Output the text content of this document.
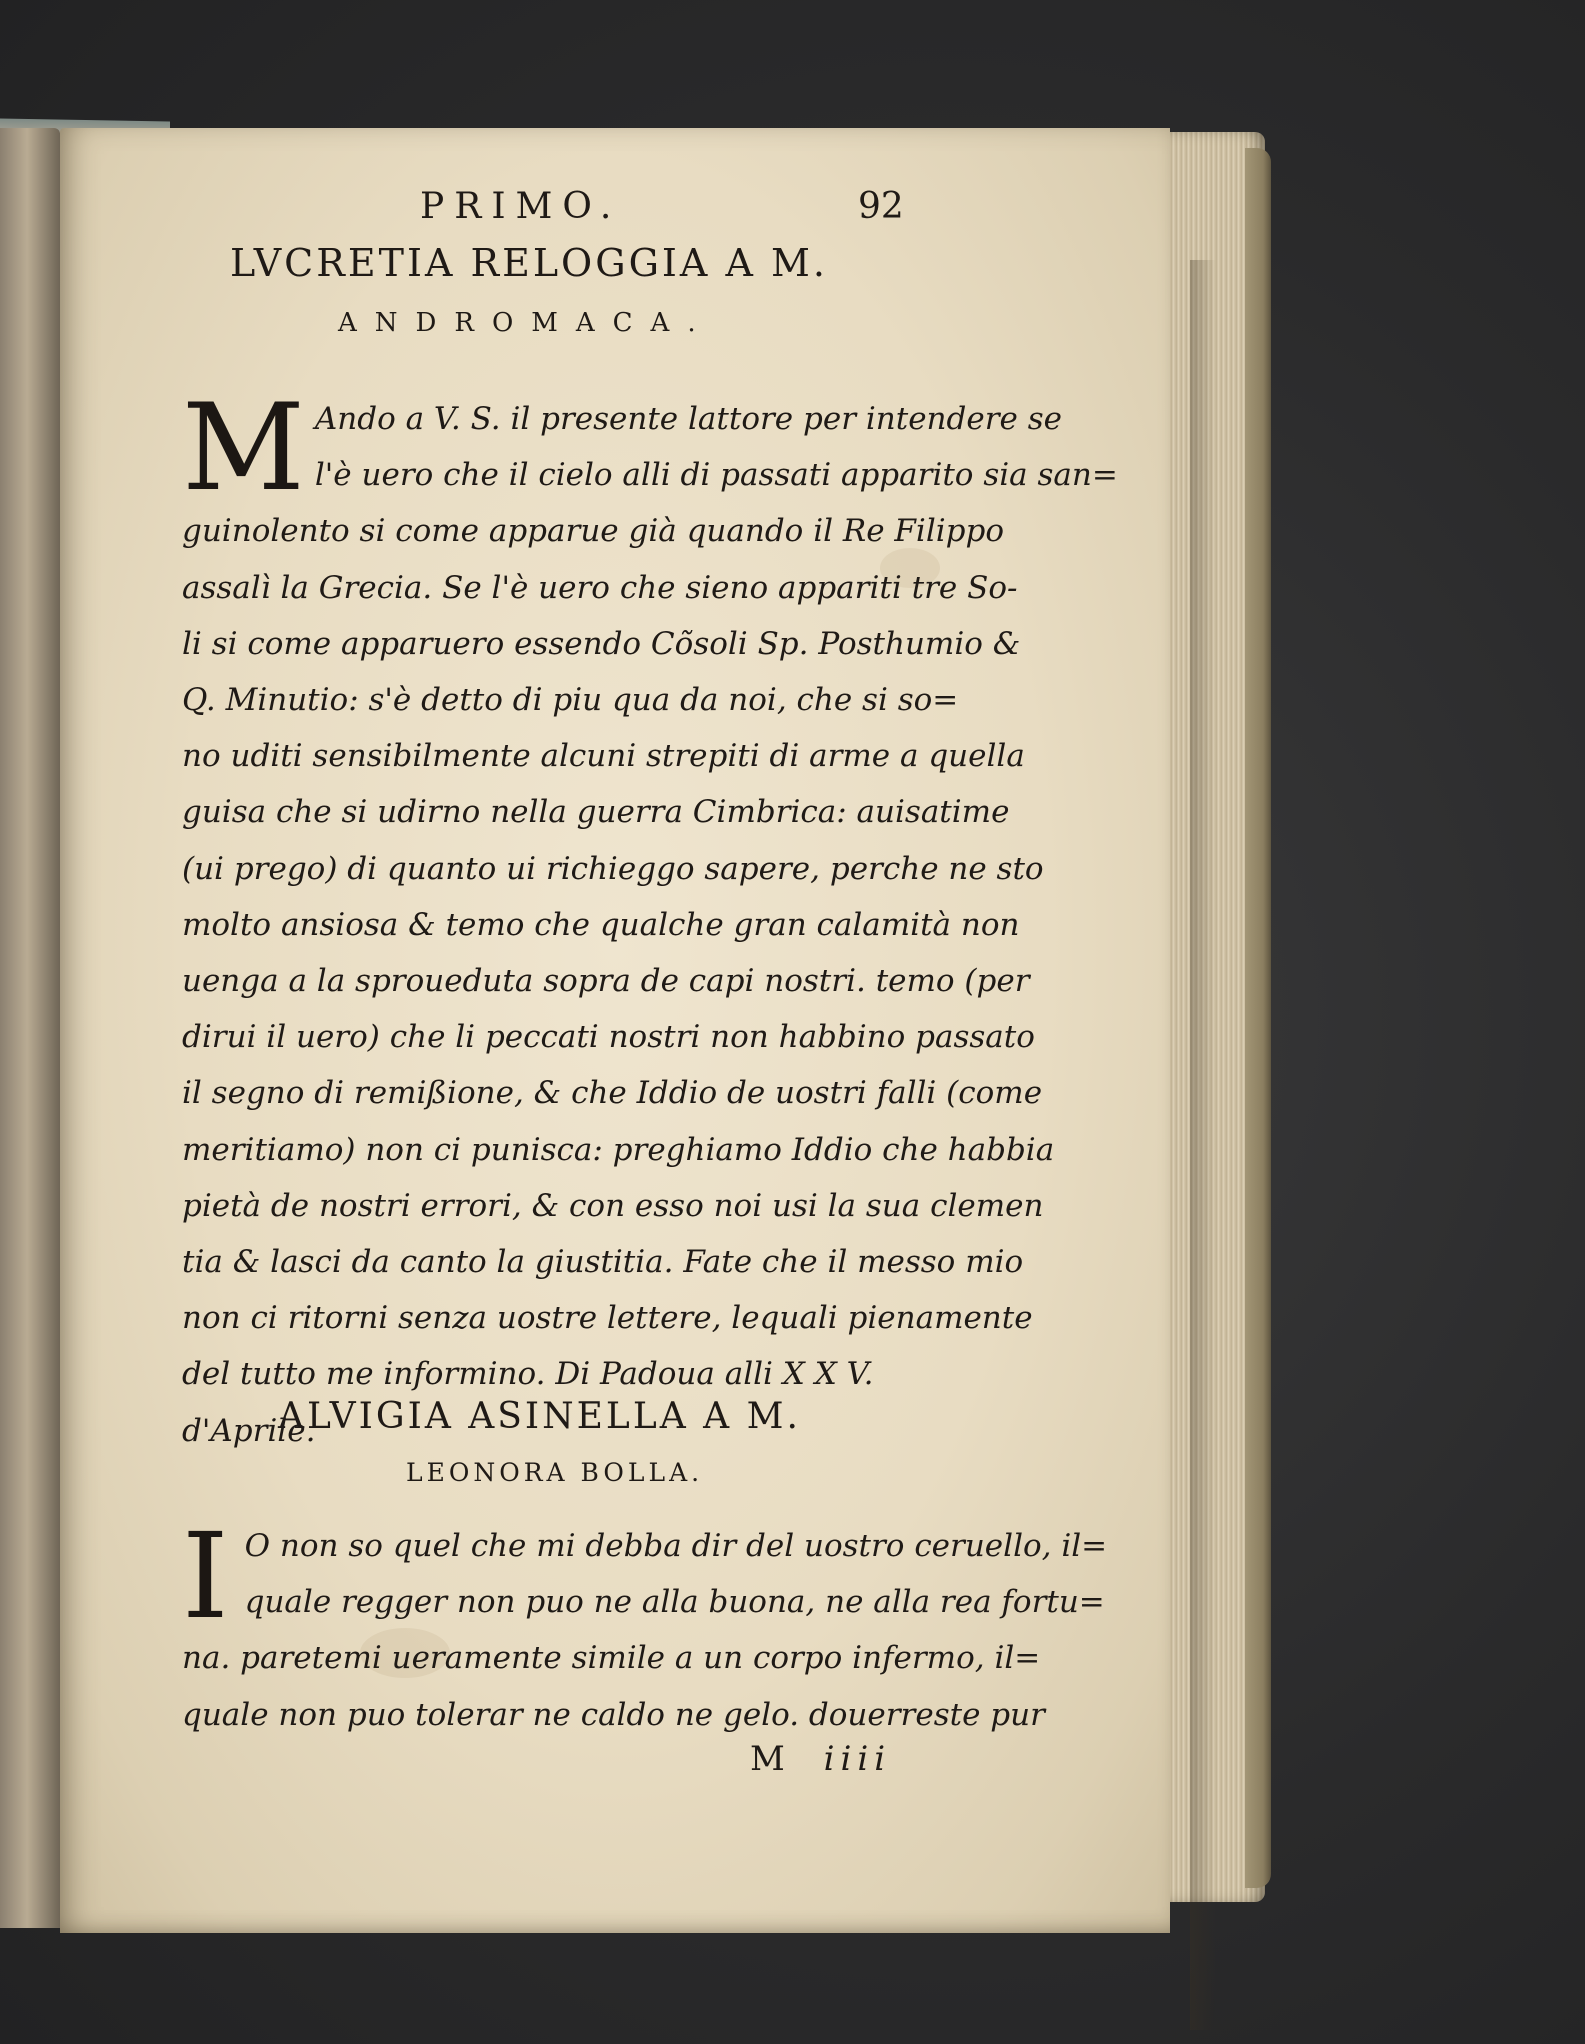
PRIMO.	92
LVCRETIA RELOGGIA A M.
ANDROMACA.
M Ando a V. S. il presente lattore per intendere se
l'è uero che il cielo alli di passati apparito sia san=
guinolento si come apparue già quando il Re Filippo
assalì la Grecia. Se l'è uero che sieno appariti tre So-
li si come apparuero essendo Cõsoli Sp. Posthumio &
Q. Minutio: s'è detto di piu qua da noi, che si so=
no uditi sensibilmente alcuni strepiti di arme a quella
guisa che si udirno nella guerra Cimbrica: auisatime
(ui prego) di quanto ui richieggo sapere, perche ne sto
molto ansiosa & temo che qualche gran calamità non
uenga a la sproueduta sopra de capi nostri. temo (per
dirui il uero) che li peccati nostri non habbino passato
il segno di remißione, & che Iddio de uostri falli (come
meritiamo) non ci punisca: preghiamo Iddio che habbia
pietà de nostri errori, & con esso noi usi la sua clemen
tia & lasci da canto la giustitia. Fate che il messo mio
non ci ritorni senza uostre lettere, lequali pienamente
del tutto me informino. Di Padoua alli X X V.
d'Aprile.
ALVIGIA ASINELLA A M.
LEONORA BOLLA.
I O non so quel che mi debba dir del uostro ceruello, il=
quale regger non puo ne alla buona, ne alla rea fortu=
na. paretemi ueramente simile a un corpo infermo, il=
quale non puo tolerar ne caldo ne gelo. douerreste pur
M iiii
